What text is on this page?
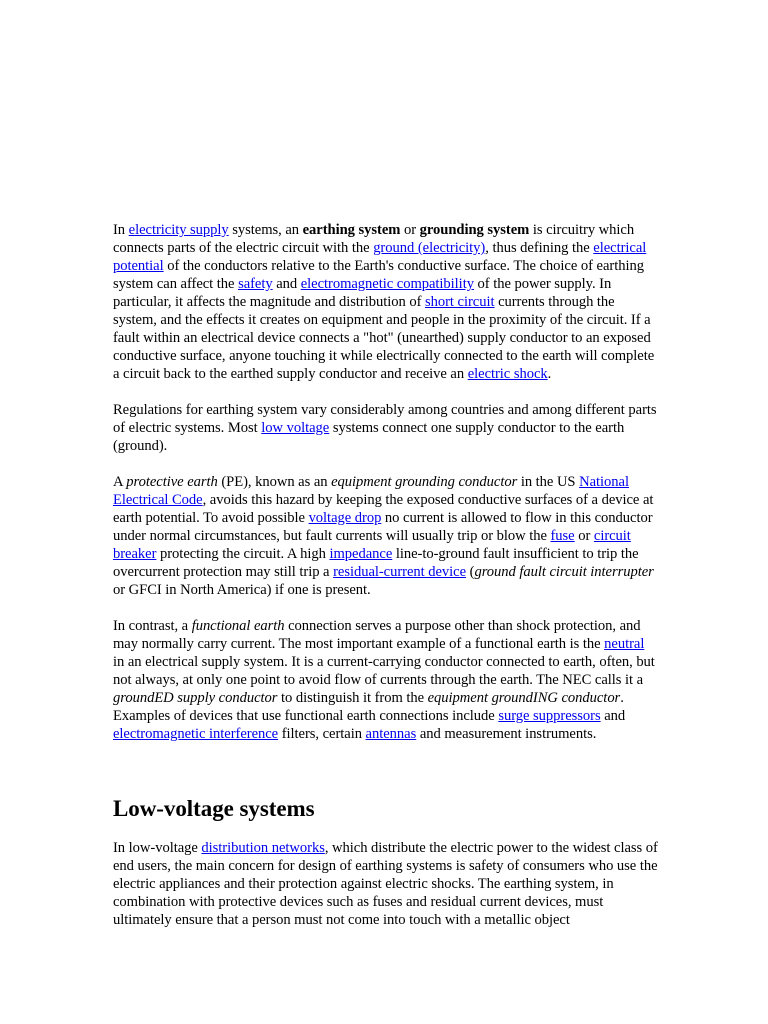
In electricity supply systems, an earthing system or grounding system is circuitry which connects parts of the electric circuit with the ground (electricity), thus defining the electrical potential of the conductors relative to the Earth's conductive surface. The choice of earthing system can affect the safety and electromagnetic compatibility of the power supply. In particular, it affects the magnitude and distribution of short circuit currents through the system, and the effects it creates on equipment and people in the proximity of the circuit. If a fault within an electrical device connects a "hot" (unearthed) supply conductor to an exposed conductive surface, anyone touching it while electrically connected to the earth will complete a circuit back to the earthed supply conductor and receive an electric shock.

Regulations for earthing system vary considerably among countries and among different parts of electric systems. Most low voltage systems connect one supply conductor to the earth (ground).

A protective earth (PE), known as an equipment grounding conductor in the US National Electrical Code, avoids this hazard by keeping the exposed conductive surfaces of a device at earth potential. To avoid possible voltage drop no current is allowed to flow in this conductor under normal circumstances, but fault currents will usually trip or blow the fuse or circuit breaker protecting the circuit. A high impedance line-to-ground fault insufficient to trip the overcurrent protection may still trip a residual-current device (ground fault circuit interrupter or GFCI in North America) if one is present.

In contrast, a functional earth connection serves a purpose other than shock protection, and may normally carry current. The most important example of a functional earth is the neutral in an electrical supply system. It is a current-carrying conductor connected to earth, often, but not always, at only one point to avoid flow of currents through the earth. The NEC calls it a groundED supply conductor to distinguish it from the equipment groundING conductor. Examples of devices that use functional earth connections include surge suppressors and electromagnetic interference filters, certain antennas and measurement instruments.

Low-voltage systems

In low-voltage distribution networks, which distribute the electric power to the widest class of end users, the main concern for design of earthing systems is safety of consumers who use the electric appliances and their protection against electric shocks. The earthing system, in combination with protective devices such as fuses and residual current devices, must ultimately ensure that a person must not come into touch with a metallic object
